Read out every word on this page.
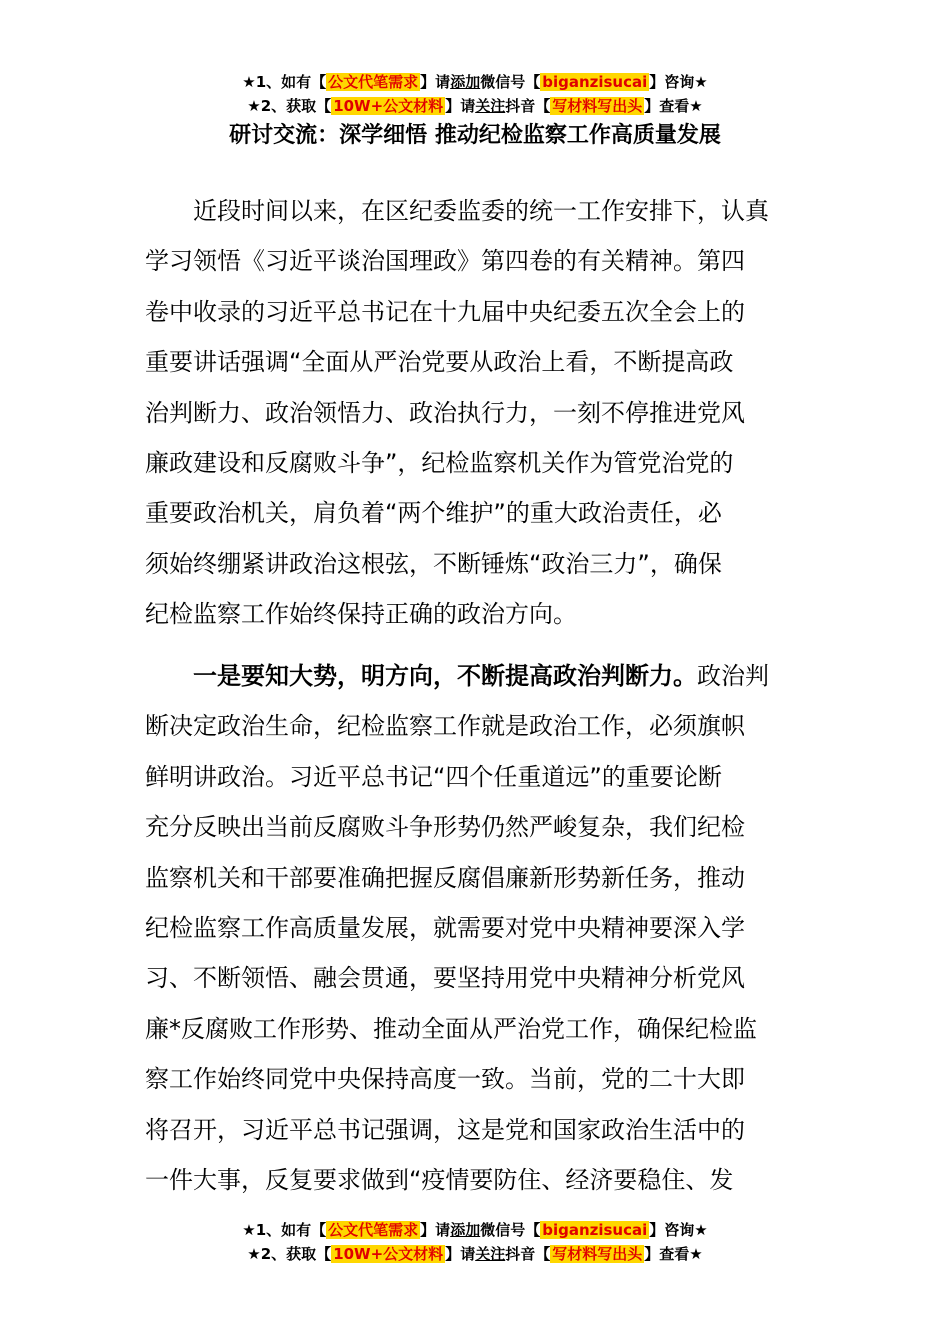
★1、如有【 公文代笔需求 】请添加微信号【 biganzisucai 】咨询★
★2、获取【 10W+公文材料 】请关注抖音【 写材料写出头 】查看★
研讨交流：深学细悟 推动纪检监察工作高质量发展
近段时间以来，在区纪委监委的统一工作安排下，认真
学习领悟《习近平谈治国理政》第四卷的有关精神。第四
卷中收录的习近平总书记在十九届中央纪委五次全会上的
重要讲话强调“全面从严治党要从政治上看，不断提高政
治判断力、政治领悟力、政治执行力，一刻不停推进党风
廉政建设和反腐败斗争”，纪检监察机关作为管党治党的
重要政治机关，肩负着“两个维护”的重大政治责任，必
须始终绷紧讲政治这根弦，不断锤炼“政治三力”，确保
纪检监察工作始终保持正确的政治方向。
一是要知大势，明方向，不断提高政治判断力。政治判
断决定政治生命，纪检监察工作就是政治工作，必须旗帜
鲜明讲政治。习近平总书记“四个任重道远”的重要论断
充分反映出当前反腐败斗争形势仍然严峻复杂，我们纪检
监察机关和干部要准确把握反腐倡廉新形势新任务，推动
纪检监察工作高质量发展，就需要对党中央精神要深入学
习、不断领悟、融会贯通，要坚持用党中央精神分析党风
廉*反腐败工作形势、推动全面从严治党工作，确保纪检监
察工作始终同党中央保持高度一致。当前，党的二十大即
将召开，习近平总书记强调，这是党和国家政治生活中的
一件大事，反复要求做到“疫情要防住、经济要稳住、发
★1、如有【 公文代笔需求 】请添加微信号【 biganzisucai 】咨询★
★2、获取【 10W+公文材料 】请关注抖音【 写材料写出头 】查看★
